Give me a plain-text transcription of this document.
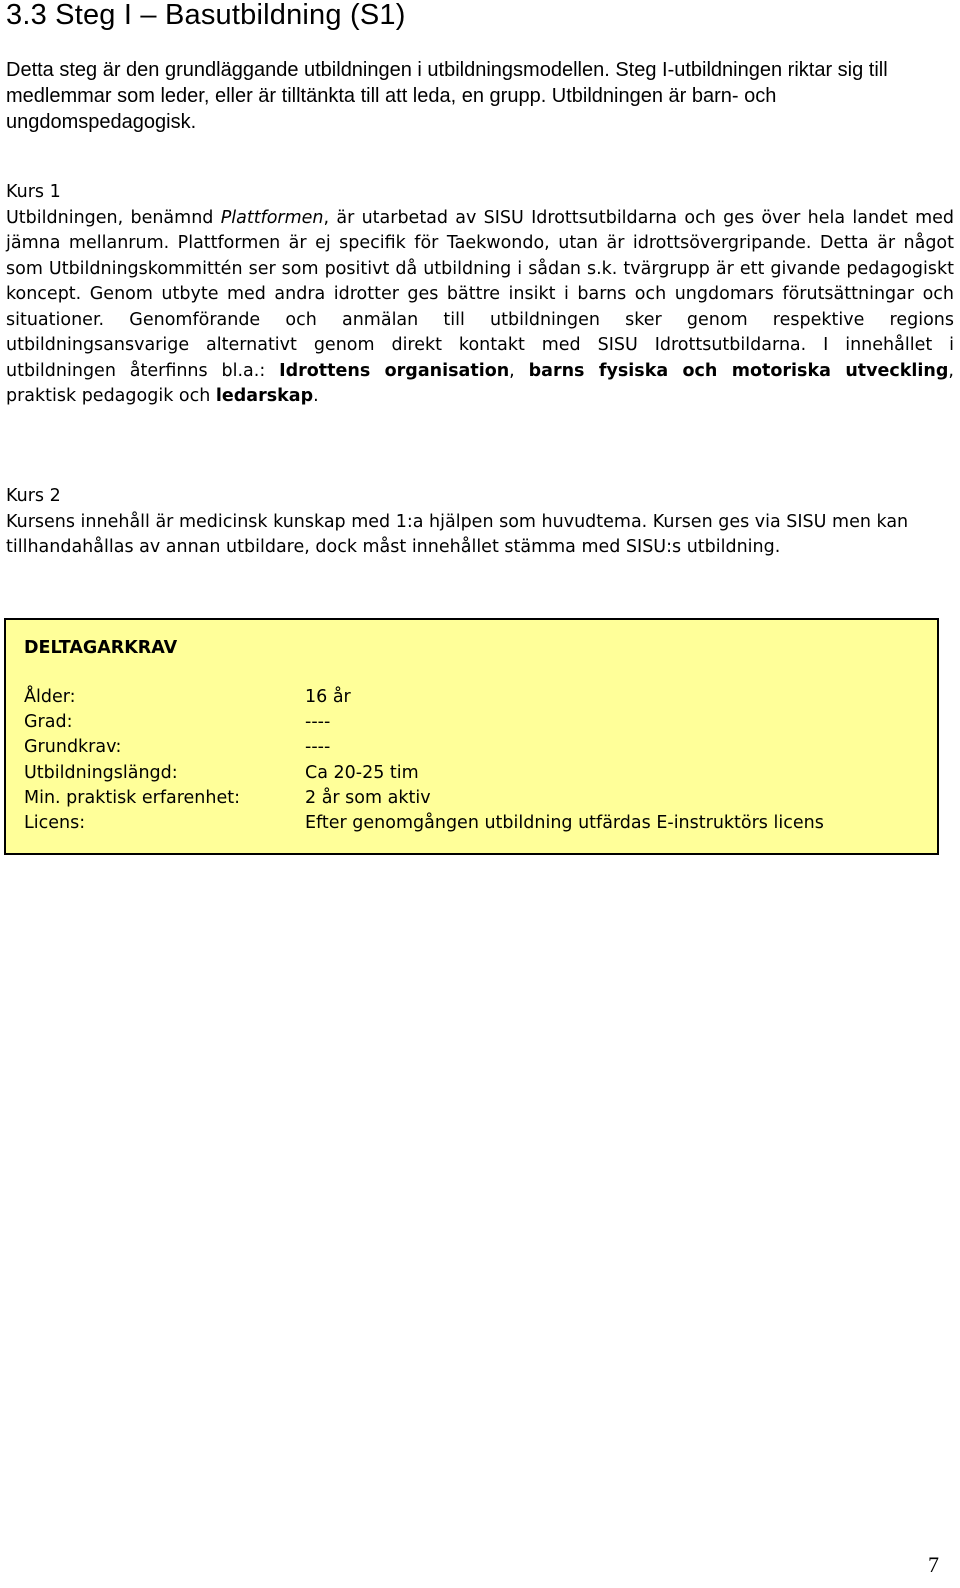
3.3 Steg I – Basutbildning (S1)

Detta steg är den grundläggande utbildningen i utbildningsmodellen. Steg I-utbildningen riktar sig till medlemmar som leder, eller är tilltänkta till att leda, en grupp. Utbildningen är barn- och ungdomspedagogisk.

Kurs 1

Utbildningen, benämnd Plattformen, är utarbetad av SISU Idrottsutbildarna och ges över hela landet med jämna mellanrum. Plattformen är ej specifik för Taekwondo, utan är idrottsövergripande. Detta är något som Utbildningskommittén ser som positivt då utbildning i sådan s.k. tvärgrupp är ett givande pedagogiskt koncept. Genom utbyte med andra idrotter ges bättre insikt i barns och ungdomars förutsättningar och situationer. Genomförande och anmälan till utbildningen sker genom respektive regions utbildningsansvarige alternativt genom direkt kontakt med SISU Idrottsutbildarna. I innehållet i utbildningen återfinns bl.a.: Idrottens organisation, barns fysiska och motoriska utveckling, praktisk pedagogik och ledarskap.

Kurs 2

Kursens innehåll är medicinsk kunskap med 1:a hjälpen som huvudtema. Kursen ges via SISU men kan tillhandahållas av annan utbildare, dock måst innehållet stämma med SISU:s utbildning.

DELTAGARKRAV

Ålder:	16 år
Grad:	----
Grundkrav:	----
Utbildningslängd:	Ca 20-25 tim
Min. praktisk erfarenhet:	2 år som aktiv
Licens:	Efter genomgången utbildning utfärdas E-instruktörs licens
7
